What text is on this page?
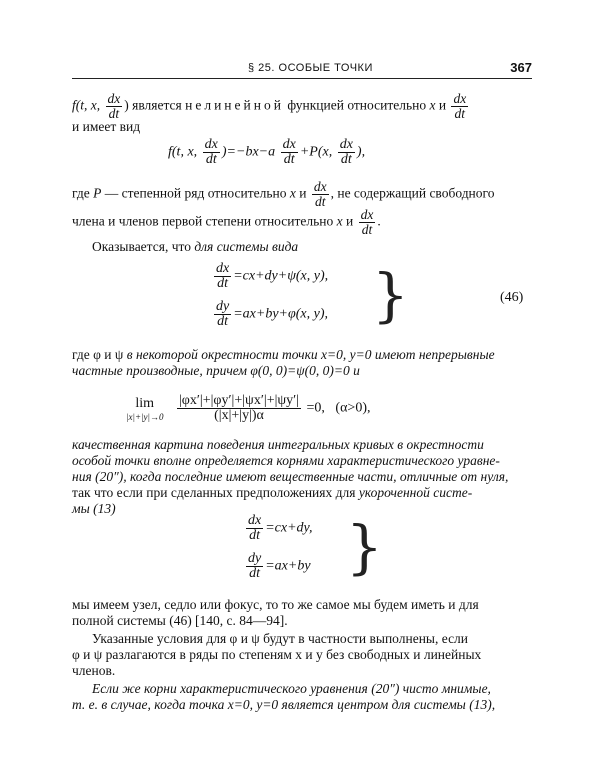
§ 25. ОСОБЫЕ ТОЧКИ	367
f(t, x, $\frac{dx}{dt}$ ) является нелинейной функцией относительно x и $\frac{dx}{dt}$
и имеет вид
f(t, x, $\frac{dx}{dt} )=-bx-a \frac{dx}{dt} +P(x$, $\frac{dx}{dt}$ ),
где P — степенной ряд относительно x и $\frac{dx}{dt}$ , не содержащий свободного
члена и членов первой степени относительно x и $\frac{dx}{dt}$ .
Оказывается, что для системы вида
$\frac{dx}{dt} =cx+dy+\psi(x$, y),
$\frac{dy}{dt} =ax+by+\varphi(x$, y), }	(46)
где φ и ψ в некоторой окрестности точки x=0, y=0 имеют непрерывные
частные производные, причем φ(0, 0)=ψ(0, 0)=0 и
lim
|x|+|y|→0
$\frac{|\varphi x'|+|\varphi y'|+|\psi x'|+|\psi y'|}{(|x|+|y|)\alpha} =0$, (α>0),
качественная картина поведения интегральных кривых в окрестности
особой точки вполне определяется корнями характеристического уравне-
ния (20″), когда последние имеют вещественные части, отличные от нуля,
так что если при сделанных предположениях для укороченной систе-
мы (13)
$\frac{dx}{dt} =cx+dy$,
$\frac{dy}{dt} =ax+by$ }
мы имеем узел, седло или фокус, то то же самое мы будем иметь и для
полной системы (46) [140, с. 84—94].
Указанные условия для φ и ψ будут в частности выполнены, если
φ и ψ разлагаются в ряды по степеням x и y без свободных и линейных
членов.
Если же корни характеристического уравнения (20″) чисто мнимые,
т. е. в случае, когда точка x=0, y=0 является центром для системы (13),
